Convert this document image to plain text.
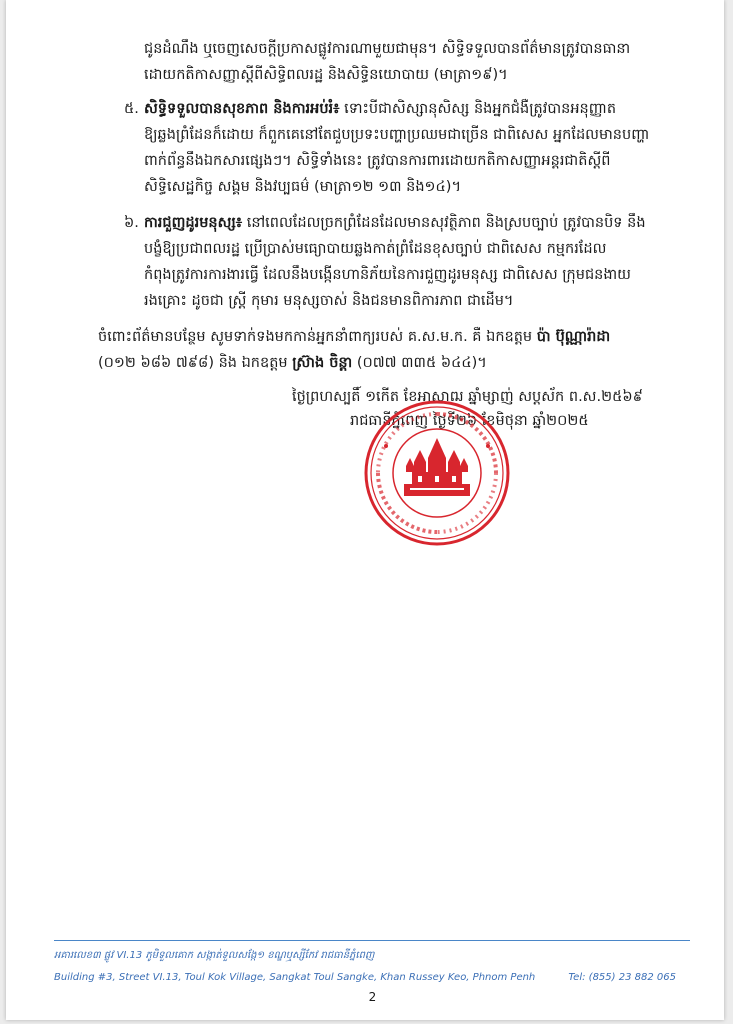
ជូនដំណឹង ឬចេញសេចក្តីប្រកាសផ្លូវការណាមួយជាមុន។ សិទ្ធិទទួលបានព័ត៌មានត្រូវបានធានា
ដោយកតិកាសញ្ញាស្តីពីសិទ្ធិពលរដ្ឋ និងសិទ្ធិនយោបាយ (មាត្រា១៩)។
៥. សិទ្ធិទទួលបានសុខភាព និងការអប់រំ៖ ទោះបីជាសិស្សានុសិស្ស និងអ្នកជំងឺត្រូវបានអនុញ្ញាត
ឱ្យឆ្លងព្រំដែនក៏ដោយ ក៏ពួកគេនៅតែជួបប្រទះបញ្ហាប្រឈមជាច្រើន ជាពិសេស អ្នកដែលមានបញ្ហា
ពាក់ព័ន្ធនឹងឯកសារផ្សេងៗ។ សិទ្ធិទាំងនេះ ត្រូវបានការពារដោយកតិកាសញ្ញាអន្តរជាតិស្តីពី
សិទ្ធិសេដ្ឋកិច្ច សង្គម និងវប្បធម៌ (មាត្រា១២ ១៣ និង១៤)។
៦. ការជួញដូរមនុស្ស៖ នៅពេលដែលច្រកព្រំដែនដែលមានសុវត្ថិភាព និងស្របច្បាប់ ត្រូវបានបិទ នឹង
បង្ខំឱ្យប្រជាពលរដ្ឋ ប្រើប្រាស់មធ្យោបាយឆ្លងកាត់ព្រំដែនខុសច្បាប់ ជាពិសេស កម្មករដែល
កំពុងត្រូវការការងារធ្វើ ដែលនឹងបង្កើនហានិភ័យនៃការជួញដូរមនុស្ស ជាពិសេស ក្រុមជនងាយ
រងគ្រោះ ដូចជា ស្ត្រី កុមារ មនុស្សចាស់ និងជនមានពិការភាព ជាដើម។
ចំពោះព័ត៌មានបន្ថែម សូមទាក់ទងមកកាន់អ្នកនាំពាក្យរបស់ គ.ស.ម.ក. គឺ ឯកឧត្តម ប៉ា ប៊ុណ្ណារ៉ាដា
(០១២ ៦៨៦ ៧៩៨) និង ឯកឧត្តម ស្រ៊ាង ចិន្តា (០៧៧ ៣៣៥ ៦៤៤)។
ថ្ងៃព្រហស្បតិ៍ ១កើត ខែអាសាឍ ឆ្នាំម្សាញ់ សប្តស័ក ព.ស.២៥៦៩
រាជធានីភ្នំពេញ ថ្ងៃទី២៦ ខែមិថុនា ឆ្នាំ២០២៥
អគារលេខ៣ ផ្លូវ VI.13 ភូមិទួលគោក សង្កាត់ទួលសង្កែ១ ខណ្ឌឬស្សីកែវ រាជធានីភ្នំពេញ
Building #3, Street VI.13, Toul Kok Village, Sangkat Toul Sangke, Khan Russey Keo, Phnom Penh	Tel: (855) 23 882 065
2
